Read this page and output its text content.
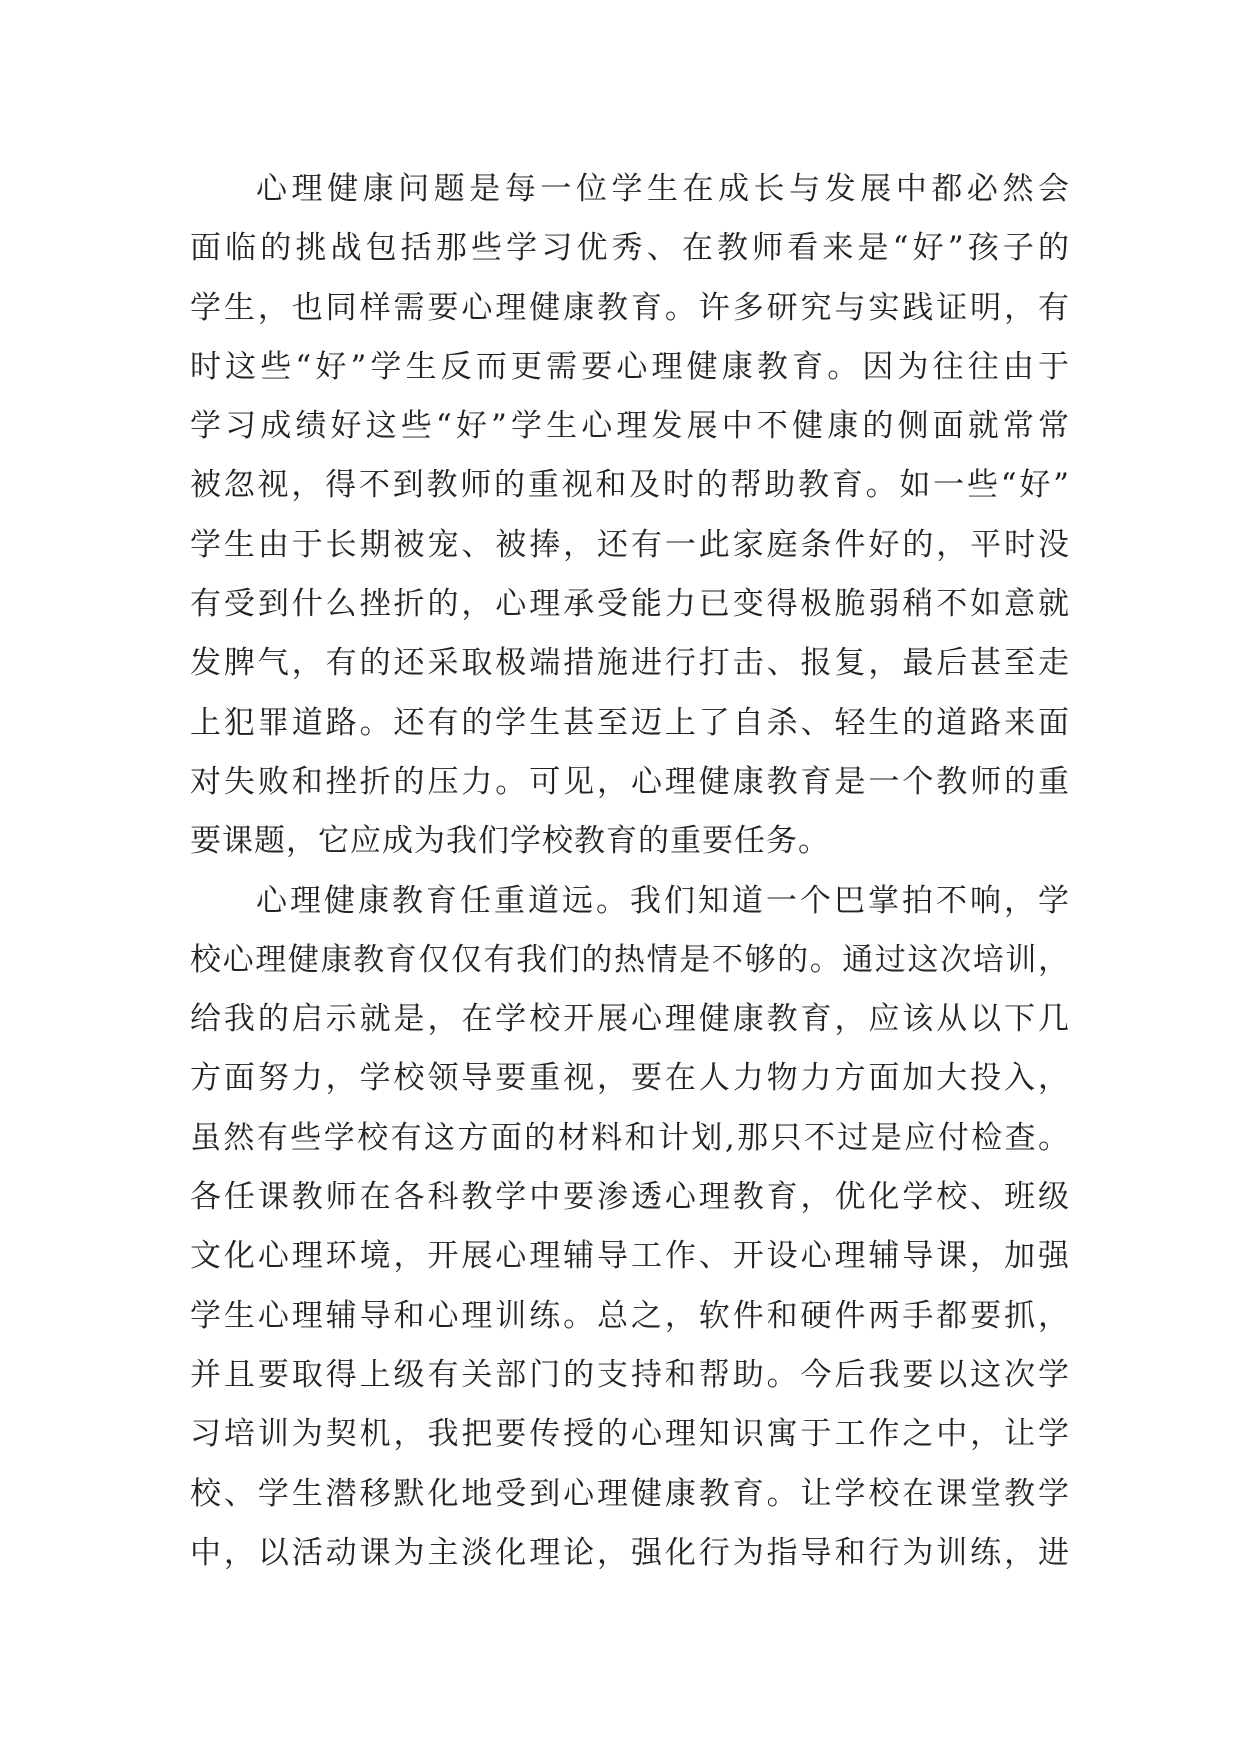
心理健康问题是每一位学生在成长与发展中都必然会
面临的挑战包括那些学习优秀、在教师看来是“好”孩子的
学生，也同样需要心理健康教育。许多研究与实践证明，有
时这些“好”学生反而更需要心理健康教育。因为往往由于
学习成绩好这些“好”学生心理发展中不健康的侧面就常常
被忽视，得不到教师的重视和及时的帮助教育。如一些“好”
学生由于长期被宠、被捧，还有一此家庭条件好的，平时没
有受到什么挫折的，心理承受能力已变得极脆弱稍不如意就
发脾气，有的还采取极端措施进行打击、报复，最后甚至走
上犯罪道路。还有的学生甚至迈上了自杀、轻生的道路来面
对失败和挫折的压力。可见，心理健康教育是一个教师的重
要课题，它应成为我们学校教育的重要任务。
心理健康教育任重道远。我们知道一个巴掌拍不响，学
校心理健康教育仅仅有我们的热情是不够的。通过这次培训，
给我的启示就是，在学校开展心理健康教育，应该从以下几
方面努力，学校领导要重视，要在人力物力方面加大投入，
虽然有些学校有这方面的材料和计划,那只不过是应付检查。
各任课教师在各科教学中要渗透心理教育，优化学校、班级
文化心理环境，开展心理辅导工作、开设心理辅导课，加强
学生心理辅导和心理训练。总之，软件和硬件两手都要抓，
并且要取得上级有关部门的支持和帮助。今后我要以这次学
习培训为契机，我把要传授的心理知识寓于工作之中，让学
校、学生潜移默化地受到心理健康教育。让学校在课堂教学
中，以活动课为主淡化理论，强化行为指导和行为训练，进
